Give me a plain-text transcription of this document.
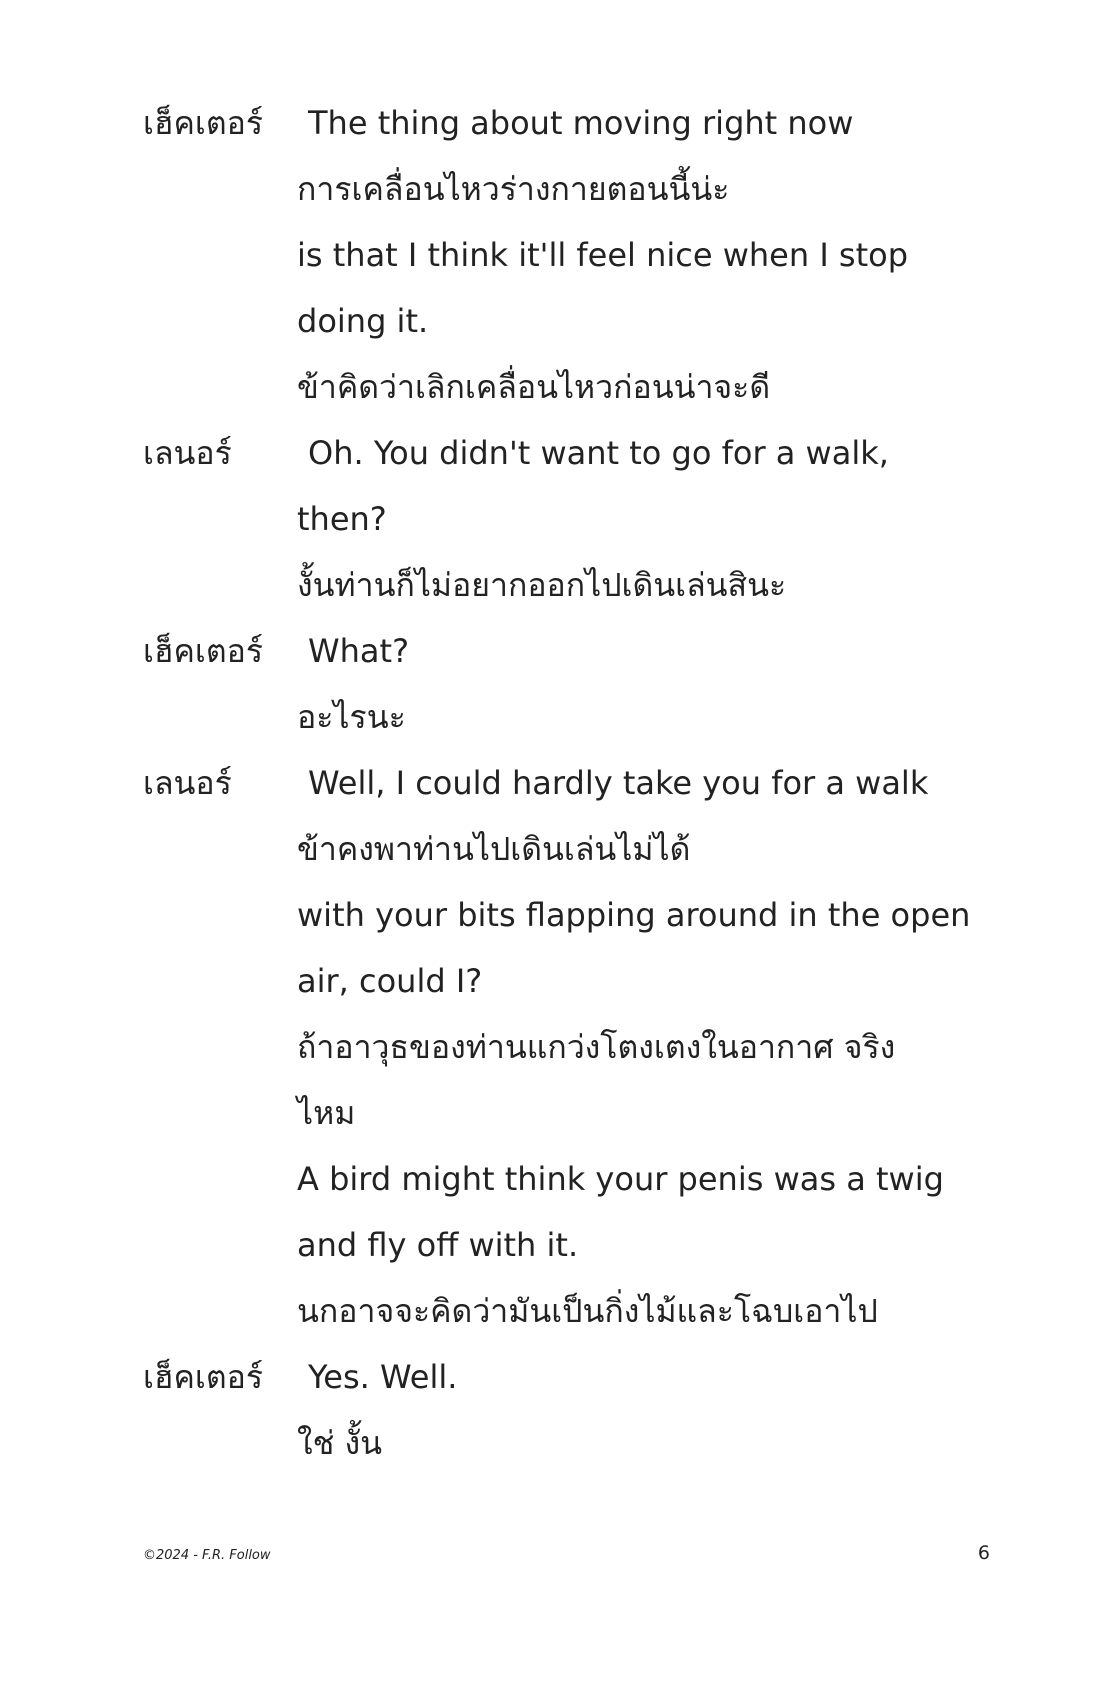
เฮ็คเตอร์	The thing about moving right now
การเคลื่อนไหวร่างกายตอนนี้น่ะ
is that I think it'll feel nice when I stop
doing it.
ข้าคิดว่าเลิกเคลื่อนไหวก่อนน่าจะดี
เลนอร์	Oh. You didn't want to go for a walk,
then?
งั้นท่านก็ไม่อยากออกไปเดินเล่นสินะ
เฮ็คเตอร์	What?
อะไรนะ
เลนอร์	Well, I could hardly take you for a walk
ข้าคงพาท่านไปเดินเล่นไม่ได้
with your bits flapping around in the open
air, could I?
ถ้าอาวุธของท่านแกว่งโตงเตงในอากาศ จริง
ไหม
A bird might think your penis was a twig
and fly off with it.
นกอาจจะคิดว่ามันเป็นกิ่งไม้และโฉบเอาไป
เฮ็คเตอร์	Yes. Well.
ใช่ งั้น
©2024 - F.R. Follow	6
